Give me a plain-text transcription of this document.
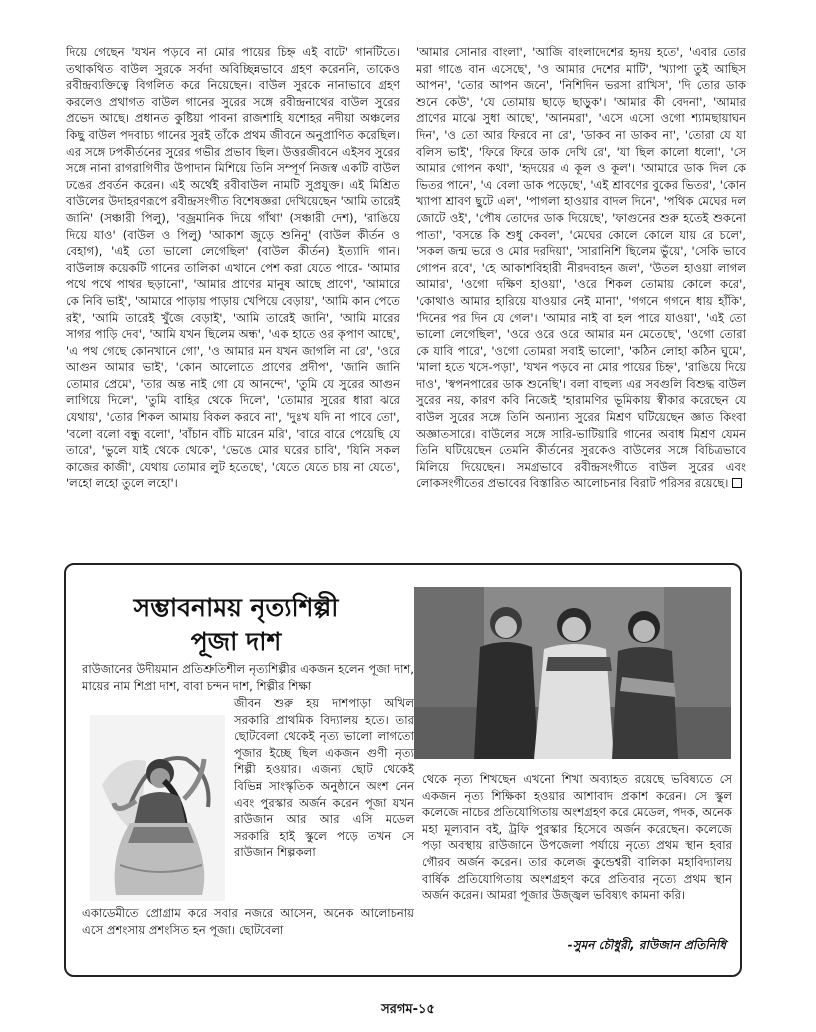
দিয়ে গেছেন 'যখন পড়বে না মোর পায়ের চিহ্ন এই বাটে' গানটিতে। তথাকথিত বাউল সুরকে সর্বদা অবিচ্ছিন্নভাবে গ্রহণ করেননি, তাকেও রবীন্দ্রব্যক্তিত্বে বিগলিত করে নিয়েছেন। বাউল সুরকে নানাভাবে গ্রহণ করলেও প্রথাগত বাউল গানের সুরের সঙ্গে রবীন্দ্রনাথের বাউল সুরের প্রভেদ আছে। প্রধানত কুষ্টিয়া পাবনা রাজশাহি যশোহর নদীয়া অঞ্চলের কিছু বাউল পদবাচ্য গানের সুরই তাঁকে প্রথম জীবনে অনুপ্রাণিত করেছিল। এর সঙ্গে ঢপকীর্তনের সুরের গভীর প্রভাব ছিল। উত্তরজীবনে এইসব সুরের সঙ্গে নানা রাগরাগিণীর উপাদান মিশিয়ে তিনি সম্পূর্ণ নিজস্ব একটি বাউল ঢঙের প্রবর্তন করেন। এই অর্থেই রবীবাউল নামটি সুপ্রযুক্ত। এই মিশ্রিত বাউলের উদাহরণরূপে রবীন্দ্রসংগীত বিশেষজ্ঞরা দেখিয়েছেন 'আমি তারেই জানি' (সঞ্চারী পিলু), 'বজ্রমানিক দিয়ে গাঁথা' (সঞ্চারী দেশ), 'রাঙিয়ে দিয়ে যাও' (বাউল ও পিলু) 'আকাশ জুড়ে শুনিনু' (বাউল কীর্তন ও বেহাগ), 'এই তো ভালো লেগেছিল' (বাউল কীর্তন) ইত্যাদি গান। বাউলাঙ্গ কয়েকটি গানের তালিকা এখানে পেশ করা যেতে পারে- 'আমার পথে পথে পাথর ছড়ানো', 'আমার প্রাণের মানুষ আছে প্রাণে', 'আমারে কে নিবি ভাই', 'আমারে পাড়ায় পাড়ায় খেপিয়ে বেড়ায়', 'আমি কান পেতে রই', 'আমি তারেই খুঁজে বেড়াই', 'আমি তারেই জানি', 'আমি মারের সাগর পাড়ি দেব', 'আমি যখন ছিলেম অন্ধ', 'এক হাতে ওর কৃপাণ আছে', 'এ পথ গেছে কোনখানে গো', 'ও আমার মন যখন জাগলি না রে', 'ওরে আগুন আমার ভাই', 'কোন আলোতে প্রাণের প্রদীপ', 'জানি জানি তোমার প্রেমে', 'তার অন্ত নাই গো যে আনন্দে', 'তুমি যে সুরের আগুন লাগিয়ে দিলে', 'তুমি বাহির থেকে দিলে', 'তোমার সুরের ধারা ঝরে যেথায়', 'তোর শিকল আমায় বিকল করবে না', 'দুঃখ যদি না পাবে তো', 'বলো বলো বন্ধু বলো', 'বাঁচান বাঁচি মারেন মরি', 'বারে বারে পেয়েছি যে তারে', 'ভুলে যাই থেকে থেকে', 'ভেঙে মোর ঘরের চাবি', 'যিনি সকল কাজের কাজী', যেথায় তোমার লুট হতেছে', 'যেতে যেতে চায় না যেতে', 'লহো লহো তুলে লহো'।

'আমার সোনার বাংলা', 'আজি বাংলাদেশের হৃদয় হতে', 'এবার তোর মরা গাঙে বান এসেছে', 'ও আমার দেশের মাটি', 'খ্যাপা তুই আছিস আপন', 'তোর আপন জনে', 'নিশিদিন ভরসা রাখিস', 'দি তোর ডাক শুনে কেউ', 'যে তোমায় ছাড়ে ছাড়ুক'। 'আমার কী বেদনা', 'আমার প্রাণের মাঝে সুধা আছে', 'আনমরা', 'এসে এসো ওগো শ্যামছায়াঘন দিন', 'ও তো আর ফিরবে না রে', 'ডাকব না ডাকব না', 'তোরা যে যা বলিস ভাই', 'ফিরে ফিরে ডাক দেখি রে', 'যা ছিল কালো ধলো', 'সে আমার গোপন কথা', 'হৃদয়ের এ কূল ও কূল'। 'আমারে ডাক দিল কে ভিতর পানে', 'এ বেলা ডাক পড়েছে', 'এই শ্রাবণের বুকের ভিতর', 'কোন খ্যাপা শ্রাবণ ছুটে এল', 'পাগলা হাওয়ার বাদল দিনে', 'পথিক মেঘের দল জোটে ওই', 'পৌষ তোদের ডাক দিয়েছে', 'ফাগুনের শুরু হতেই শুকনো পাতা', 'বসন্তে কি শুধু কেবল', 'মেঘের কোলে কোলে যায় রে চলে', 'সকল জন্ম ভরে ও মোর দরদিয়া', 'সারানিশি ছিলেম ভুঁয়ে', 'সেকি ভাবে গোপন রবে', 'হে আকাশবিহারী নীরদবাহন জল', 'উতল হাওয়া লাগল আমার', 'ওগো দক্ষিণ হাওয়া', 'ওরে শিকল তোমায় কোলে করে', 'কোথাও আমার হারিয়ে যাওয়ার নেই মানা', 'গগনে গগনে ধায় হাঁকি', 'দিনের পর দিন যে গেল'। 'আমার নাই বা হল পারে যাওয়া', 'এই তো ভালো লেগেছিল', 'ওরে ওরে ওরে আমার মন মেতেছে', 'ওগো তোরা কে যাবি পারে', 'ওগো তোমরা সবাই ভালো', 'কঠিন লোহা কঠিন ঘুমে', 'মালা হতে খসে-পড়া', 'যখন পড়বে না মোর পায়ের চিহ্ন', 'রাঙিয়ে দিয়ে দাও', 'স্বপনপারের ডাক শুনেছি'। বলা বাহুল্য এর সবগুলি বিশুদ্ধ বাউল সুরের নয়, কারণ কবি নিজেই 'হারামণির ভূমিকায় স্বীকার করেছেন যে বাউল সুরের সঙ্গে তিনি অন্যান্য সুরের মিশ্রণ ঘটিয়েছেন জ্ঞাত কিংবা অজ্ঞাতসারে। বাউলের সঙ্গে সারি-ভাটিয়ারি গানের অবাধ মিশ্রণ যেমন তিনি ঘটিয়েছেন তেমনি কীর্তনের সুরকেও বাউলের সঙ্গে বিচিত্রভাবে মিলিয়ে দিয়েছেন। সমগ্রভাবে রবীন্দ্রসংগীতে বাউল সুরের এবং লোকসংগীতের প্রভাবের বিস্তারিত আলোচনার বিরাট পরিসর রয়েছে।

সম্ভাবনাময় নৃত্যশিল্পী
পূজা দাশ
রাউজানের উদীয়মান প্রতিশ্রুতিশীল নৃত্যশিল্পীর একজন হলেন পূজা দাশ, মায়ের নাম শিপ্রা দাশ, বাবা চন্দন দাশ, শিল্পীর শিক্ষা
জীবন শুরু হয় দাশপাড়া অখিল সরকারি প্রাথমিক বিদ্যালয় হতে। তার ছোটবেলা থেকেই নৃত্য ভালো লাগতো পূজার ইচ্ছে ছিল একজন গুণী নৃত্য শিল্পী হওয়ার। এজন্য ছোট থেকেই বিভিন্ন সাংস্কৃতিক অনুষ্ঠানে অংশ নেন এবং পুরস্কার অর্জন করেন পূজা যখন রাউজান আর আর এসি মডেল সরকারি হাই স্কুলে পড়ে তখন সে রাউজান শিল্পকলা
একাডেমীতে প্রোগ্রাম করে সবার নজরে আসেন, অনেক আলোচনায় এসে প্রশংসায় প্রশংসিত হন পূজা। ছোটবেলা
থেকে নৃত্য শিখছেন এখনো শিখা অব্যাহত রয়েছে ভবিষ্যতে সে একজন নৃত্য শিক্ষিকা হওয়ার আশাবাদ প্রকাশ করেন। সে স্কুল কলেজে নাচের প্রতিযোগিতায় অংশগ্রহণ করে মেডেল, পদক, অনেক মহা মূল্যবান বই, ট্রফি পুরস্কার হিসেবে অর্জন করেছেন। কলেজে পড়া অবস্থায় রাউজানে উপজেলা পর্যায়ে নৃত্যে প্রথম স্থান হবার গৌরব অর্জন করেন। তার কলেজ কুন্ডেশ্বরী বালিকা মহাবিদ্যালয় বার্ষিক প্রতিযোগিতায় অংশগ্রহণ করে প্রতিবার নৃত্যে প্রথম স্থান অর্জন করেন। আমরা পূজার উজ্জ্বল ভবিষ্যৎ কামনা করি।
-সুমন চৌধুরী, রাউজান প্রতিনিধি
সরগম-১৫
